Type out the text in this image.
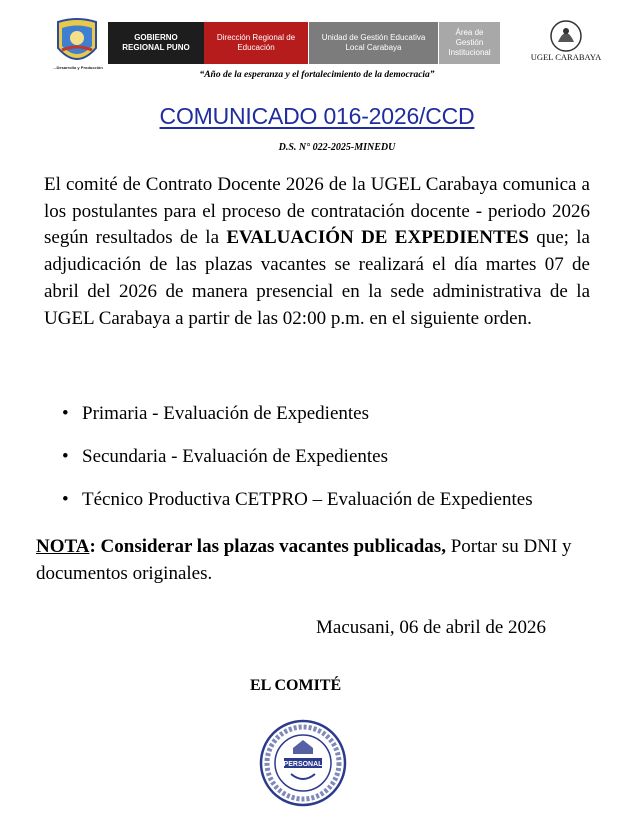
...Desarrollo y Producción
GOBIERNO
REGIONAL PUNO
Dirección Regional de
Educación
Unidad de Gestión Educativa
Local Carabaya
Área de
Gestión
Institucional	UGEL CARABAYA
“Año de la esperanza y el fortalecimiento de la democracia”
COMUNICADO 016-2026/CCD
D.S. N° 022-2025-MINEDU

El comité de Contrato Docente 2026 de la UGEL Carabaya comunica a los postulantes para el proceso de contratación docente - periodo 2026 según resultados de la EVALUACIÓN DE EXPEDIENTES que; la adjudicación de las plazas vacantes se realizará el día martes 07 de abril del 2026 de manera presencial en la sede administrativa de la UGEL Carabaya a partir de las 02:00 p.m. en el siguiente orden.

• Primaria - Evaluación de Expedientes
• Secundaria - Evaluación de Expedientes
• Técnico Productiva CETPRO – Evaluación de Expedientes

NOTA: Considerar las plazas vacantes publicadas, Portar su DNI y documentos originales.

Macusani, 06 de abril de 2026
EL COMITÉ
PERSONAL
